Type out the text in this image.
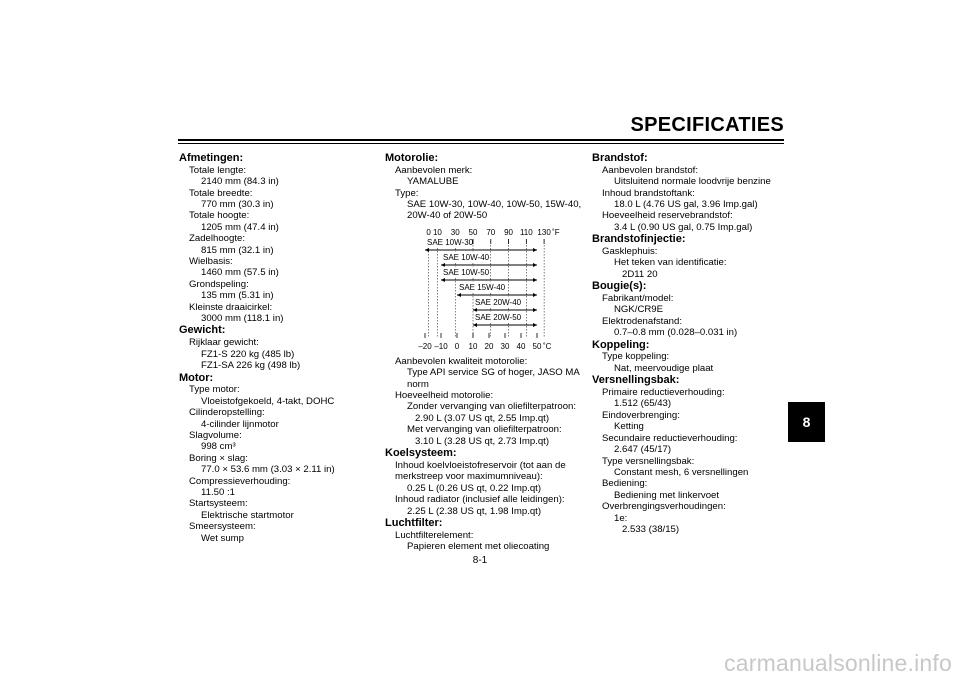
SPECIFICATIES
8
Afmetingen:
Totale lengte:
2140 mm (84.3 in)
Totale breedte:
770 mm (30.3 in)
Totale hoogte:
1205 mm (47.4 in)
Zadelhoogte:
815 mm (32.1 in)
Wielbasis:
1460 mm (57.5 in)
Grondspeling:
135 mm (5.31 in)
Kleinste draaicirkel:
3000 mm (118.1 in)
Gewicht:
Rijklaar gewicht:
FZ1-S 220 kg (485 lb)
FZ1-SA 226 kg (498 lb)
Motor:
Type motor:
Vloeistofgekoeld, 4-takt, DOHC
Cilinderopstelling:
4-cilinder lijnmotor
Slagvolume:
998 cm³
Boring × slag:
77.0 × 53.6 mm (3.03 × 2.11 in)
Compressieverhouding:
11.50 :1
Startsysteem:
Elektrische startmotor
Smeersysteem:
Wet sump
Motorolie:
Aanbevolen merk:
YAMALUBE
Type:
SAE 10W-30, 10W-40, 10W-50, 15W-40,
20W-40 of 20W-50
0 10 30 50 70 90 110 130 ˚F
SAE 10W-30
SAE 10W-40
SAE 10W-50
SAE 15W-40
SAE 20W-40
SAE 20W-50
–20 –10 0 10 20 30 40 50 ˚C
Aanbevolen kwaliteit motorolie:
Type API service SG of hoger, JASO MA
norm
Hoeveelheid motorolie:
Zonder vervanging van oliefilterpatroon:
2.90 L (3.07 US qt, 2.55 Imp.qt)
Met vervanging van oliefilterpatroon:
3.10 L (3.28 US qt, 2.73 Imp.qt)
Koelsysteem:
Inhoud koelvloeistofreservoir (tot aan de
merkstreep voor maximumniveau):
0.25 L (0.26 US qt, 0.22 Imp.qt)
Inhoud radiator (inclusief alle leidingen):
2.25 L (2.38 US qt, 1.98 Imp.qt)
Luchtfilter:
Luchtfilterelement:
Papieren element met oliecoating
Brandstof:
Aanbevolen brandstof:
Uitsluitend normale loodvrije benzine
Inhoud brandstoftank:
18.0 L (4.76 US gal, 3.96 Imp.gal)
Hoeveelheid reservebrandstof:
3.4 L (0.90 US gal, 0.75 Imp.gal)
Brandstofinjectie:
Gasklephuis:
Het teken van identificatie:
2D11 20
Bougie(s):
Fabrikant/model:
NGK/CR9E
Elektrodenafstand:
0.7–0.8 mm (0.028–0.031 in)
Koppeling:
Type koppeling:
Nat, meervoudige plaat
Versnellingsbak:
Primaire reductieverhouding:
1.512 (65/43)
Eindoverbrenging:
Ketting
Secundaire reductieverhouding:
2.647 (45/17)
Type versnellingsbak:
Constant mesh, 6 versnellingen
Bediening:
Bediening met linkervoet
Overbrengingsverhoudingen:
1e:
2.533 (38/15)
8-1
carmanualsonline.info
